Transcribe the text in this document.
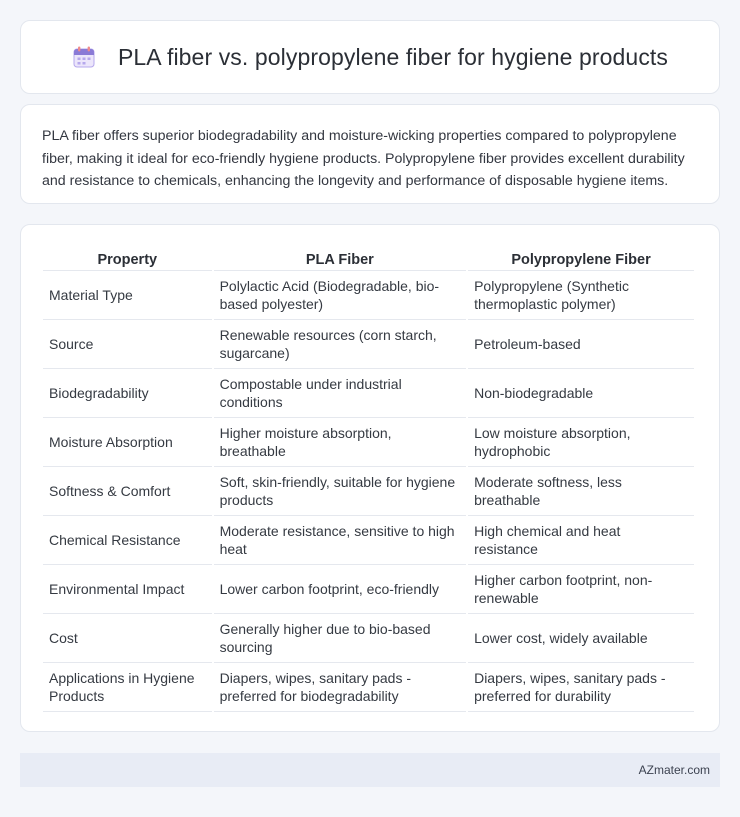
PLA fiber vs. polypropylene fiber for hygiene products

PLA fiber offers superior biodegradability and moisture-wicking properties compared to polypropylene fiber, making it ideal for eco-friendly hygiene products. Polypropylene fiber provides excellent durability and resistance to chemicals, enhancing the longevity and performance of disposable hygiene items.

Property	PLA Fiber	Polypropylene Fiber
Material Type	Polylactic Acid (Biodegradable, bio-based polyester)	Polypropylene (Synthetic thermoplastic polymer)
Source	Renewable resources (corn starch, sugarcane)	Petroleum-based
Biodegradability	Compostable under industrial conditions	Non-biodegradable
Moisture Absorption	Higher moisture absorption, breathable	Low moisture absorption, hydrophobic
Softness & Comfort	Soft, skin-friendly, suitable for hygiene products	Moderate softness, less breathable
Chemical Resistance	Moderate resistance, sensitive to high heat	High chemical and heat resistance
Environmental Impact	Lower carbon footprint, eco-friendly	Higher carbon footprint, non-renewable
Cost	Generally higher due to bio-based sourcing	Lower cost, widely available
Applications in Hygiene Products	Diapers, wipes, sanitary pads - preferred for biodegradability	Diapers, wipes, sanitary pads - preferred for durability
AZmater.com
